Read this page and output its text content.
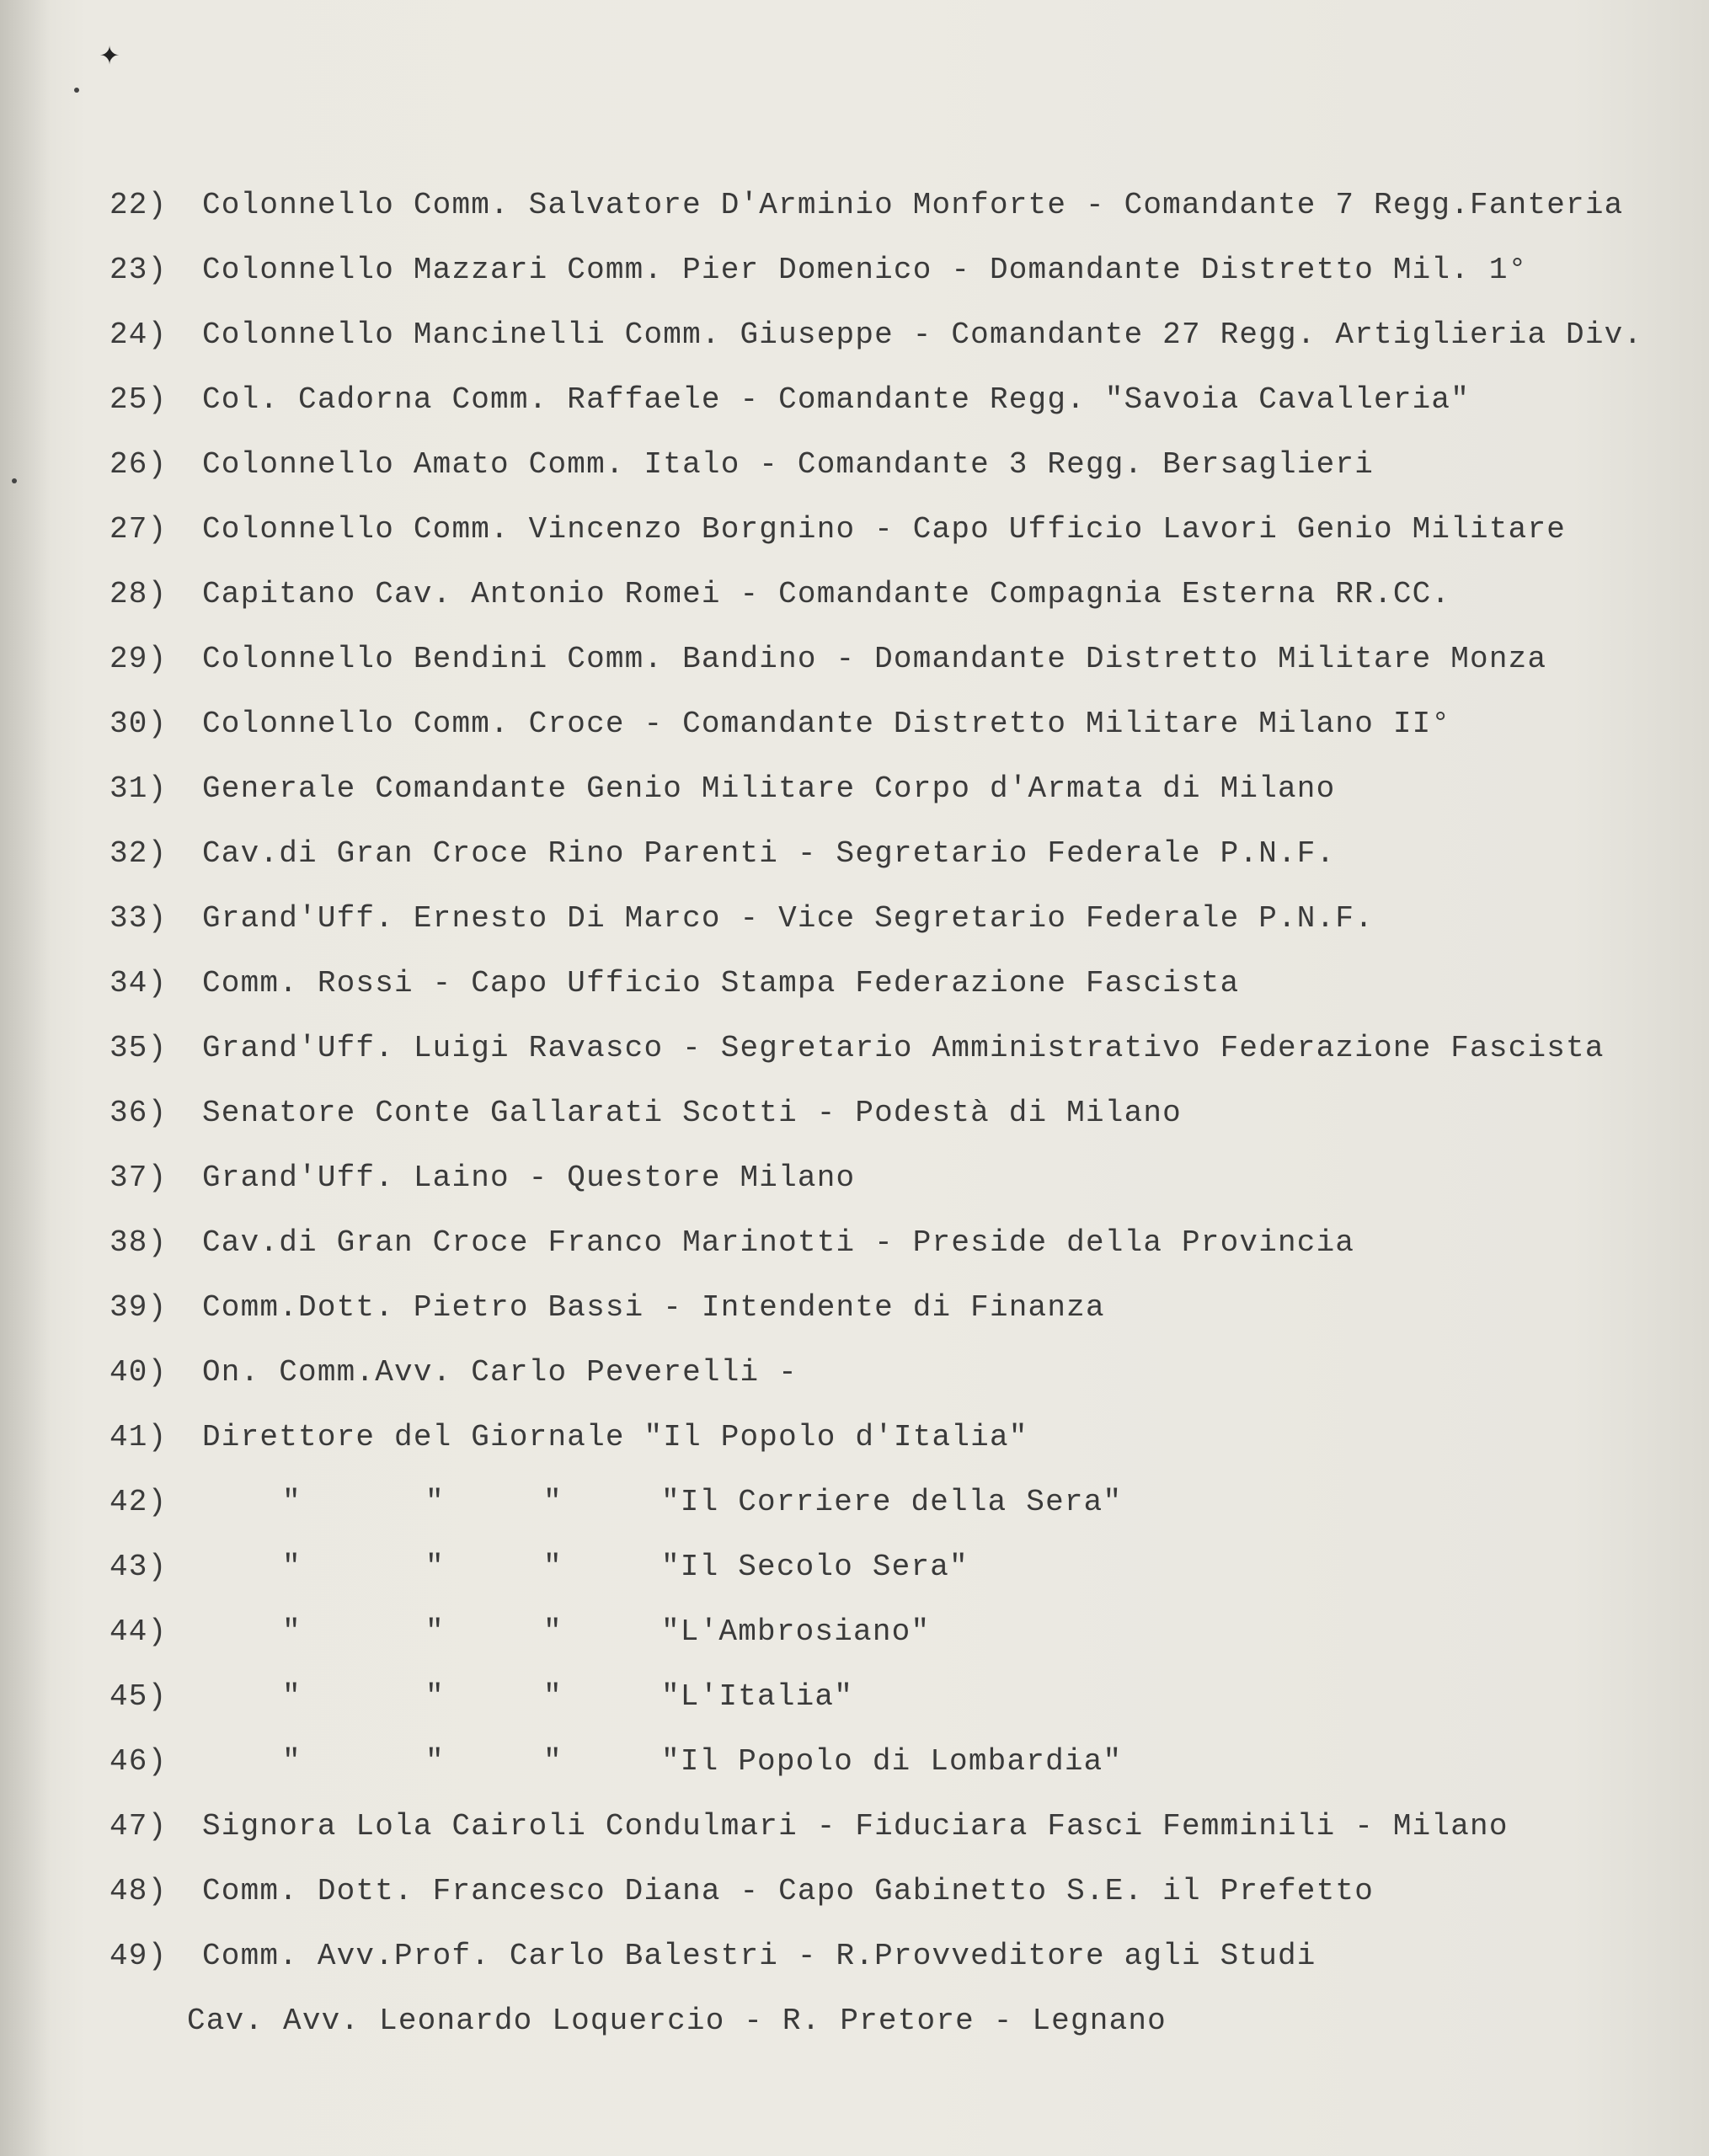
✦
22)	Colonnello Comm. Salvatore D'Arminio Monforte - Comandante 7 Regg.Fanteria
23)	Colonnello Mazzari Comm. Pier Domenico - Domandante Distretto Mil. 1°
24)	Colonnello Mancinelli Comm. Giuseppe - Comandante 27 Regg. Artiglieria Div.
25)	Col. Cadorna Comm. Raffaele - Comandante Regg. "Savoia Cavalleria"
26)	Colonnello Amato Comm. Italo - Comandante 3 Regg. Bersaglieri
27)	Colonnello Comm. Vincenzo Borgnino - Capo Ufficio Lavori Genio Militare
28)	Capitano Cav. Antonio Romei - Comandante Compagnia Esterna RR.CC.
29)	Colonnello Bendini Comm. Bandino - Domandante Distretto Militare Monza
30)	Colonnello Comm. Croce - Comandante Distretto Militare Milano II°
31)	Generale Comandante Genio Militare Corpo d'Armata di Milano
32)	Cav.di Gran Croce Rino Parenti - Segretario Federale P.N.F.
33)	Grand'Uff. Ernesto Di Marco - Vice Segretario Federale P.N.F.
34)	Comm. Rossi - Capo Ufficio Stampa Federazione Fascista
35)	Grand'Uff. Luigi Ravasco - Segretario Amministrativo Federazione Fascista
36)	Senatore Conte Gallarati Scotti - Podestà di Milano
37)	Grand'Uff. Laino - Questore Milano
38)	Cav.di Gran Croce Franco Marinotti - Preside della Provincia
39)	Comm.Dott. Pietro Bassi - Intendente di Finanza
40)	On. Comm.Avv. Carlo Peverelli -
41)	Direttore del Giornale "Il Popolo d'Italia"
42)	"	"	"	"Il Corriere della Sera"
43)	"	"	"	"Il Secolo Sera"
44)	"	"	"	"L'Ambrosiano"
45)	"	"	"	"L'Italia"
46)	"	"	"	"Il Popolo di Lombardia"
47)	Signora Lola Cairoli Condulmari - Fiduciara Fasci Femminili - Milano
48)	Comm. Dott. Francesco Diana - Capo Gabinetto S.E. il Prefetto
49)	Comm. Avv.Prof. Carlo Balestri - R.Provveditore agli Studi
Cav. Avv. Leonardo Loquercio - R. Pretore - Legnano
